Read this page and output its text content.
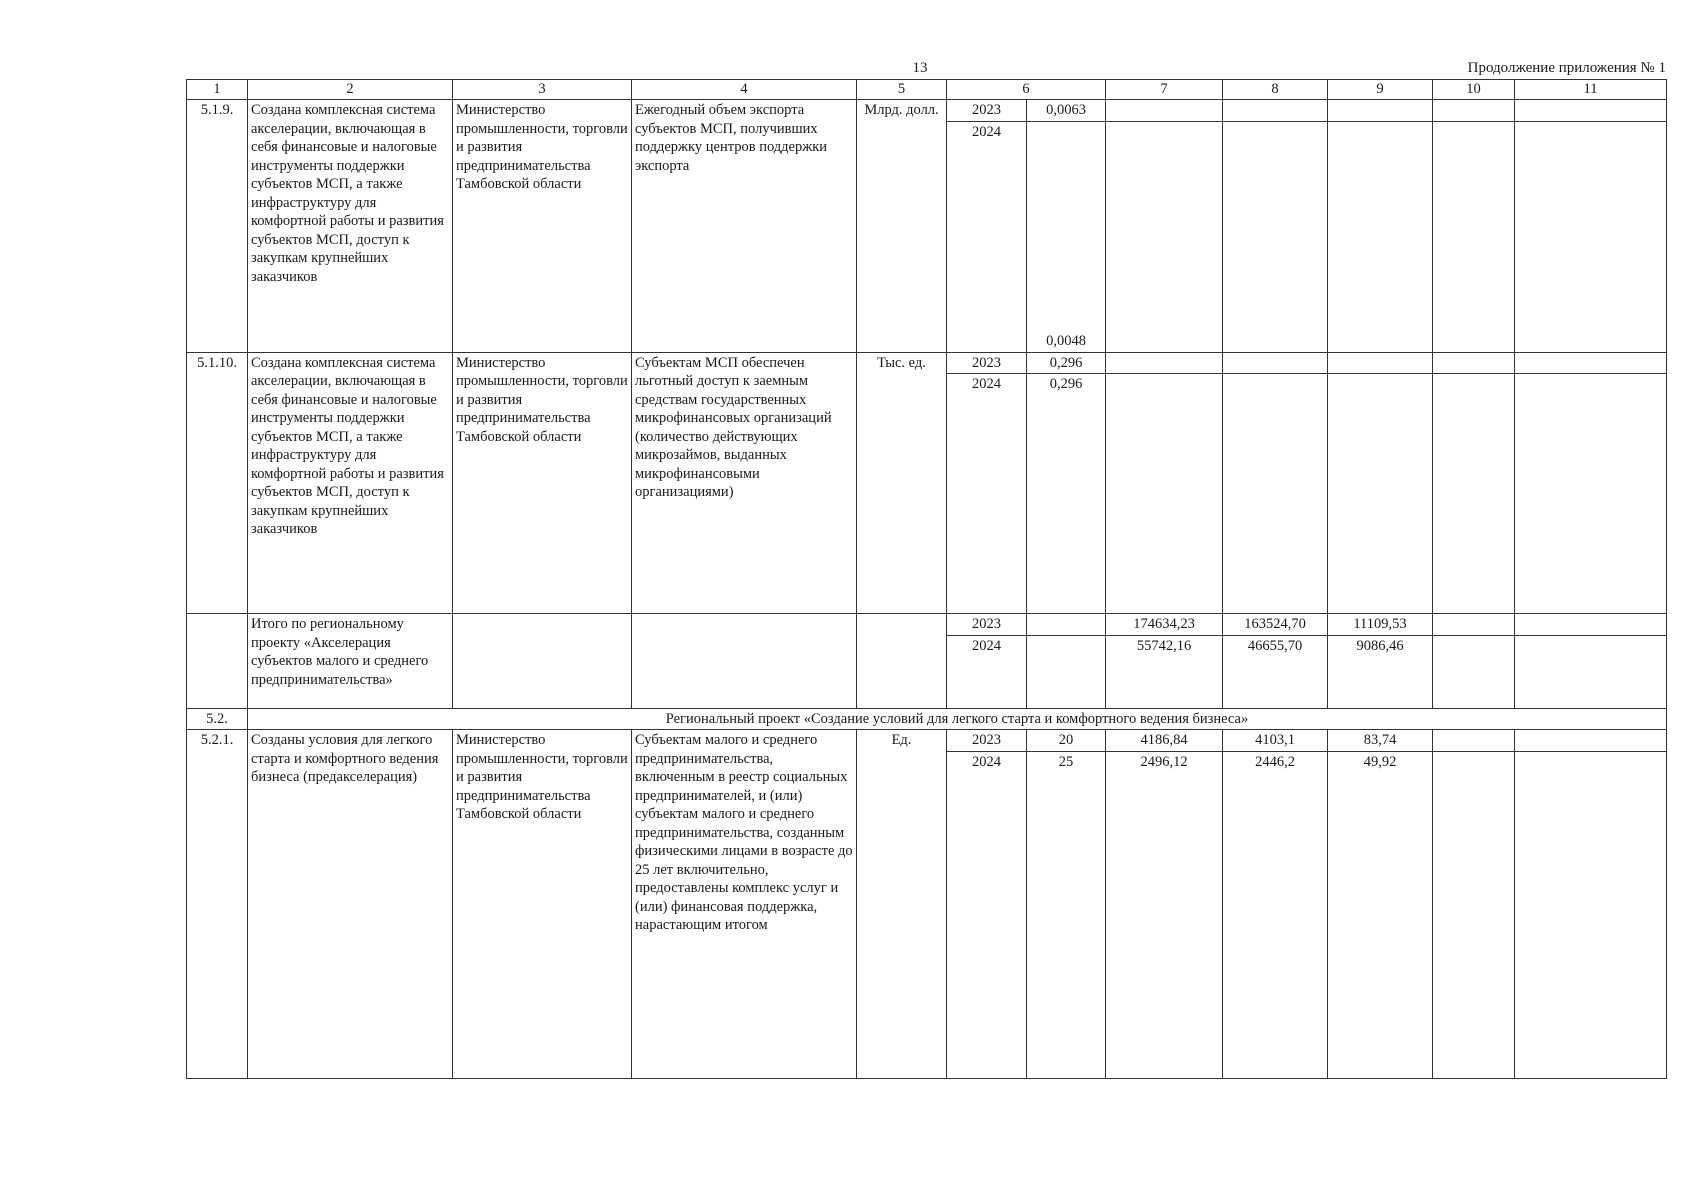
13	Продолжение приложения № 1
1	2	3	4	5	6		7	8	9	10	11
5.1.9.	Создана комплексная система акселерации, включающая в себя финансовые и налоговые инструменты поддержки субъектов МСП, а также инфраструктуру для комфортной работы и развития субъектов МСП, доступ к закупкам крупнейших заказчиков	Министерство промышленности, торговли и развития предпринимательства Тамбовской области	Ежегодный объем экспорта субъектов МСП, получивших поддержку центров поддержки экспорта	Млрд. долл.	2023	0,0063					
					2024	0,0048					
5.1.10.	Создана комплексная система акселерации, включающая в себя финансовые и налоговые инструменты поддержки субъектов МСП, а также инфраструктуру для комфортной работы и развития субъектов МСП, доступ к закупкам крупнейших заказчиков	Министерство промышленности, торговли и развития предпринимательства Тамбовской области	Субъектам МСП обеспечен льготный доступ к заемным средствам государственных микрофинансовых организаций (количество действующих микрозаймов, выданных микрофинансовыми организациями)	Тыс. ед.	2023	0,296					
					2024	0,296					
	Итого по региональному проекту «Акселерация субъектов малого и среднего предпринимательства»				2023		174634,23	163524,70	11109,53		
					2024		55742,16	46655,70	9086,46		
5.2.	Региональный проект «Создание условий для легкого старта и комфортного ведения бизнеса»										
5.2.1.	Созданы условия для легкого старта и комфортного ведения бизнеса (предакселерация)	Министерство промышленности, торговли и развития предпринимательства Тамбовской области	Субъектам малого и среднего предпринимательства, включенным в реестр социальных предпринимателей, и (или) субъектам малого и среднего предпринимательства, созданным физическими лицами в возрасте до 25 лет включительно, предоставлены комплекс услуг и (или) финансовая поддержка, нарастающим итогом	Ед.	2023	20	4186,84	4103,1	83,74		
					2024	25	2496,12	2446,2	49,92		
